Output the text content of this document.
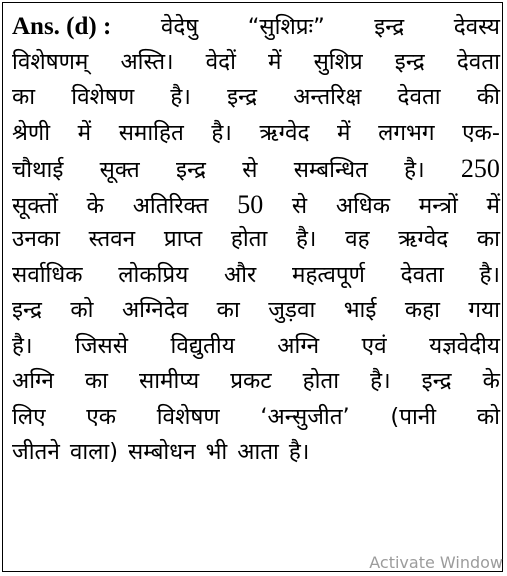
Ans. (d) : वेदेषु “सुशिप्रः” इन्द्र देवस्य
विशेषणम् अस्ति। वेदों में सुशिप्र इन्द्र देवता
का विशेषण है। इन्द्र अन्तरिक्ष देवता की
श्रेणी में समाहित है। ऋग्वेद में लगभग एक-
चौथाई सूक्त इन्द्र से सम्बन्धित है। 250
सूक्तों के अतिरिक्त 50 से अधिक मन्त्रों में
उनका स्तवन प्राप्त होता है। वह ऋग्वेद का
सर्वाधिक लोकप्रिय और महत्वपूर्ण देवता है।
इन्द्र को अग्निदेव का जुड़वा भाई कहा गया
है। जिससे विद्युतीय अग्नि एवं यज्ञवेदीय
अग्नि का सामीप्य प्रकट होता है। इन्द्र के
लिए एक विशेषण ‘अन्सुजीत’ (पानी को
जीतने वाला) सम्बोधन भी आता है।
Activate Window
